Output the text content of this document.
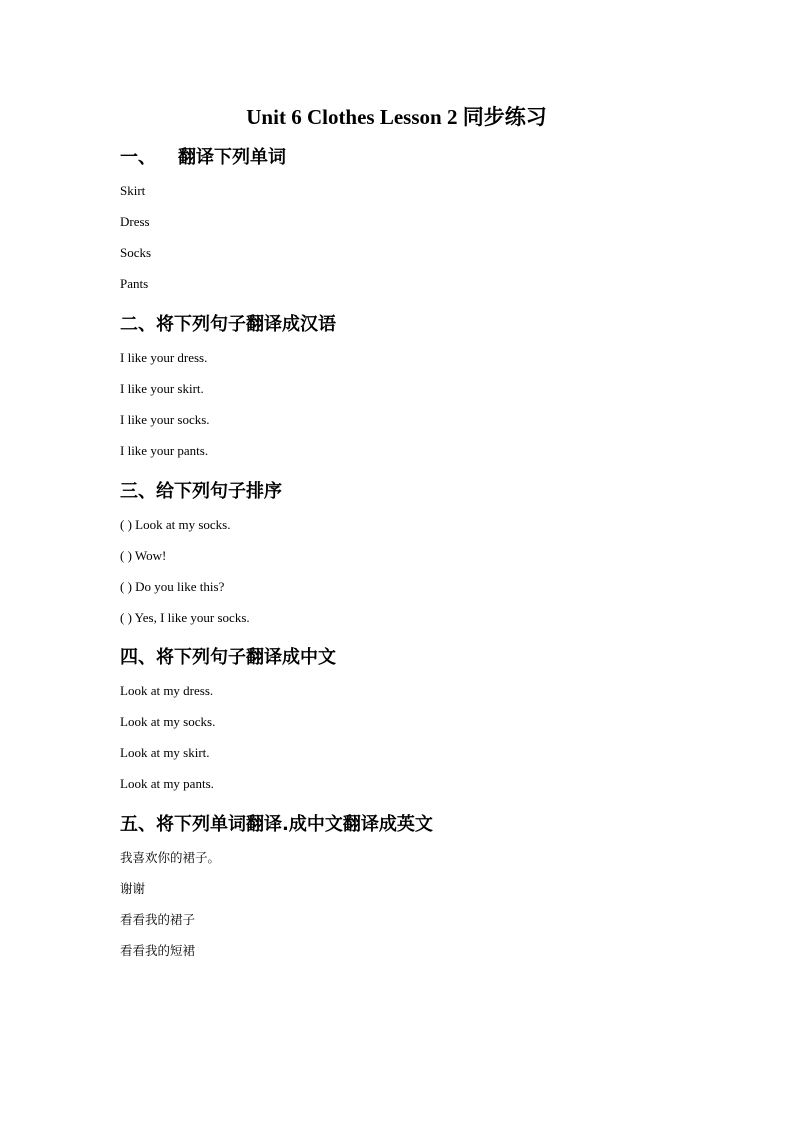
Unit 6 Clothes Lesson 2 同步练习
一、 翻译下列单词
Skirt
Dress
Socks
Pants
二、将下列句子翻译成汉语
I like your dress.
I like your skirt.
I like your socks.
I like your pants.
三、给下列句子排序
( ) Look at my socks.
( ) Wow!
( ) Do you like this?
( ) Yes, I like your socks.
四、将下列句子翻译成中文
Look at my dress.
Look at my socks.
Look at my skirt.
Look at my pants.
五、将下列单词翻译.成中文翻译成英文
我喜欢你的裙子。
谢谢
看看我的裙子
看看我的短裙
